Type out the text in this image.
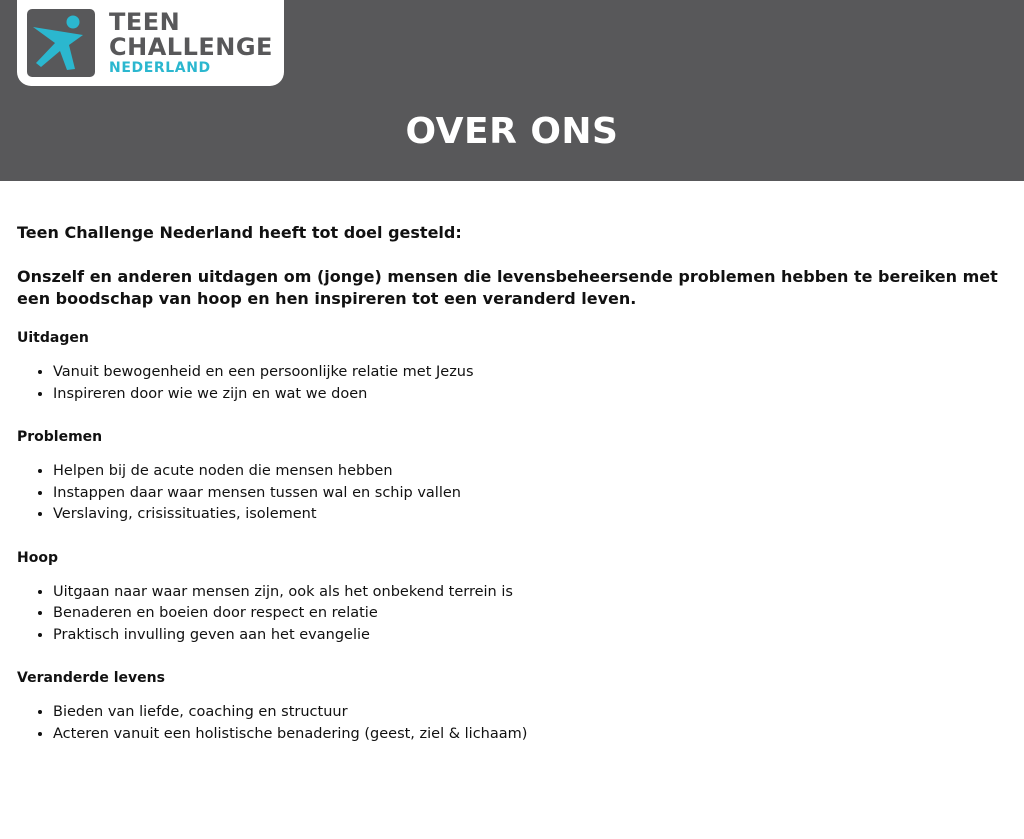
TEEN
CHALLENGE
NEDERLAND
OVER ONS

Teen Challenge Nederland heeft tot doel gesteld:

Onszelf en anderen uitdagen om (jonge) mensen die levensbeheersende problemen hebben te bereiken met een boodschap van hoop en hen inspireren tot een veranderd leven.

Uitdagen
• Vanuit bewogenheid en een persoonlijke relatie met Jezus
• Inspireren door wie we zijn en wat we doen
Problemen
• Helpen bij de acute noden die mensen hebben
• Instappen daar waar mensen tussen wal en schip vallen
• Verslaving, crisissituaties, isolement
Hoop
• Uitgaan naar waar mensen zijn, ook als het onbekend terrein is
• Benaderen en boeien door respect en relatie
• Praktisch invulling geven aan het evangelie
Veranderde levens
• Bieden van liefde, coaching en structuur
• Acteren vanuit een holistische benadering (geest, ziel & lichaam)
